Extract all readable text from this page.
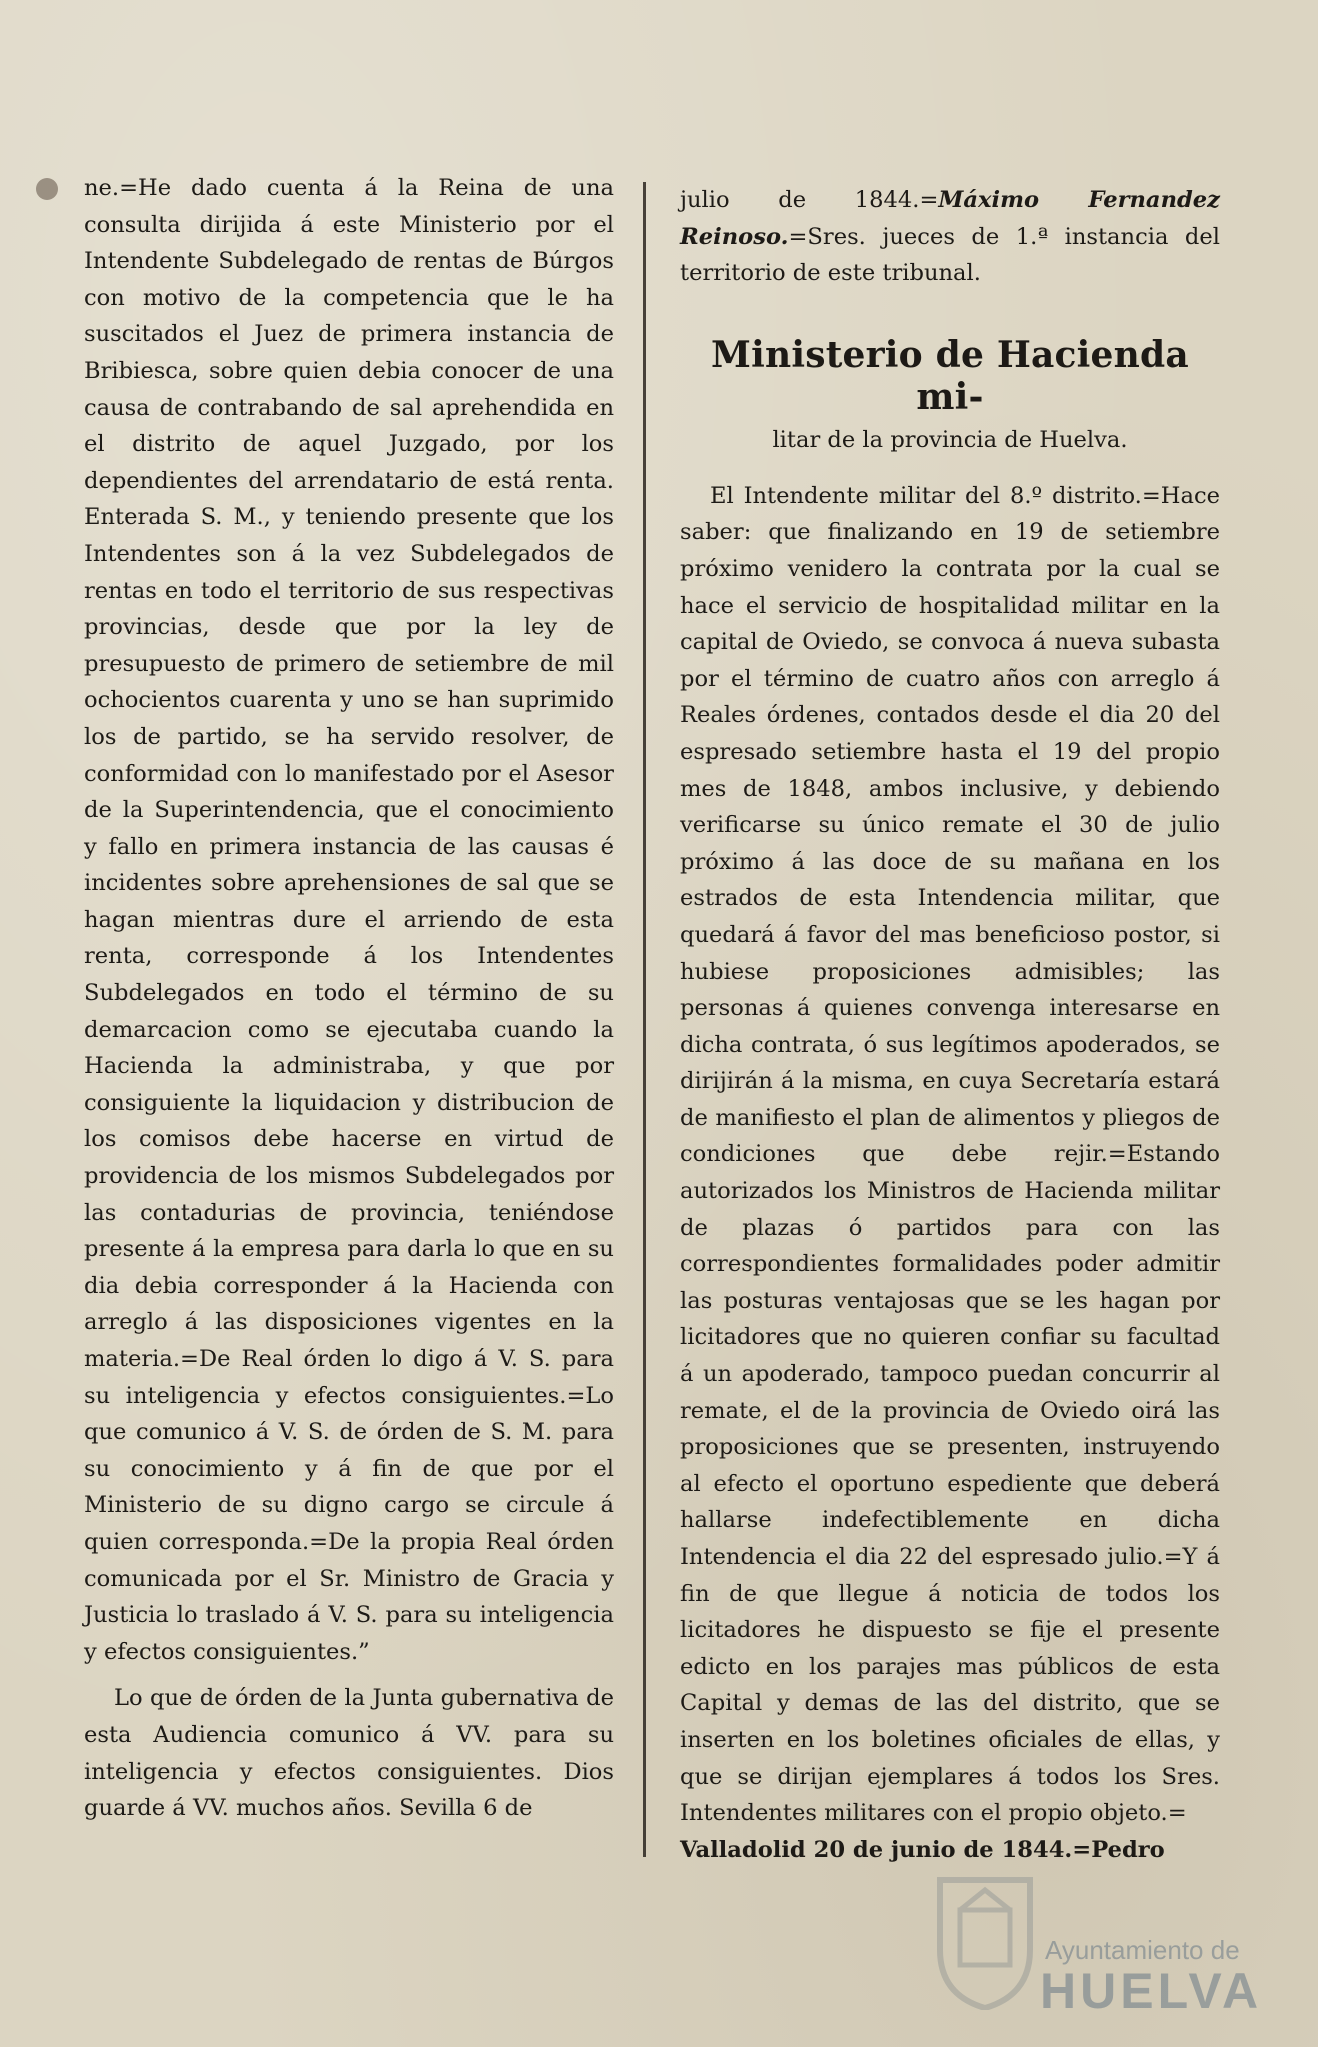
ne.=He dado cuenta á la Reina de una consulta dirijida á este Ministerio por el Intendente Subdelegado de rentas de Búrgos con motivo de la competencia que le ha suscitados el Juez de primera instancia de Bribiesca, sobre quien debia conocer de una causa de contrabando de sal aprehendida en el distrito de aquel Juzgado, por los dependientes del arrendatario de está renta. Enterada S. M., y teniendo presente que los Intendentes son á la vez Subdelegados de rentas en todo el territorio de sus respectivas provincias, desde que por la ley de presupuesto de primero de setiembre de mil ochocientos cuarenta y uno se han suprimido los de partido, se ha servido resolver, de conformidad con lo manifestado por el Asesor de la Superintendencia, que el conocimiento y fallo en primera instancia de las causas é incidentes sobre aprehensiones de sal que se hagan mientras dure el arriendo de esta renta, corresponde á los Intendentes Subdelegados en todo el término de su demarcacion como se ejecutaba cuando la Hacienda la administraba, y que por consiguiente la liquidacion y distribucion de los comisos debe hacerse en virtud de providencia de los mismos Subdelegados por las contadurias de provincia, teniéndose presente á la empresa para darla lo que en su dia debia corresponder á la Hacienda con arreglo á las disposiciones vigentes en la materia.=De Real órden lo digo á V. S. para su inteligencia y efectos consiguientes.=Lo que comunico á V. S. de órden de S. M. para su conocimiento y á fin de que por el Ministerio de su digno cargo se circule á quien corresponda.=De la propia Real órden comunicada por el Sr. Ministro de Gracia y Justicia lo traslado á V. S. para su inteligencia y efectos consiguientes.”

Lo que de órden de la Junta gubernativa de esta Audiencia comunico á VV. para su inteligencia y efectos consiguientes. Dios guarde á VV. muchos años. Sevilla 6 de

julio de 1844.=Máximo Fernandez Reinoso.=Sres. jueces de 1.ª instancia del territorio de este tribunal.

Ministerio de Hacienda mi-
litar de la provincia de Huelva.

El Intendente militar del 8.º distrito.=Hace saber: que finalizando en 19 de setiembre próximo venidero la contrata por la cual se hace el servicio de hospitalidad militar en la capital de Oviedo, se convoca á nueva subasta por el término de cuatro años con arreglo á Reales órdenes, contados desde el dia 20 del espresado setiembre hasta el 19 del propio mes de 1848, ambos inclusive, y debiendo verificarse su único remate el 30 de julio próximo á las doce de su mañana en los estrados de esta Intendencia militar, que quedará á favor del mas beneficioso postor, si hubiese proposiciones admisibles; las personas á quienes convenga interesarse en dicha contrata, ó sus legítimos apoderados, se dirijirán á la misma, en cuya Secretaría estará de manifiesto el plan de alimentos y pliegos de condiciones que debe rejir.=Estando autorizados los Ministros de Hacienda militar de plazas ó partidos para con las correspondientes formalidades poder admitir las posturas ventajosas que se les hagan por licitadores que no quieren confiar su facultad á un apoderado, tampoco puedan concurrir al remate, el de la provincia de Oviedo oirá las proposiciones que se presenten, instruyendo al efecto el oportuno espediente que deberá hallarse indefectiblemente en dicha Intendencia el dia 22 del espresado julio.=Y á fin de que llegue á noticia de todos los licitadores he dispuesto se fije el presente edicto en los parajes mas públicos de esta Capital y demas de las del distrito, que se inserten en los boletines oficiales de ellas, y que se dirijan ejemplares á todos los Sres. Intendentes militares con el propio objeto.=

Valladolid 20 de junio de 1844.=Pedro

Ayuntamiento de
HUELVA
